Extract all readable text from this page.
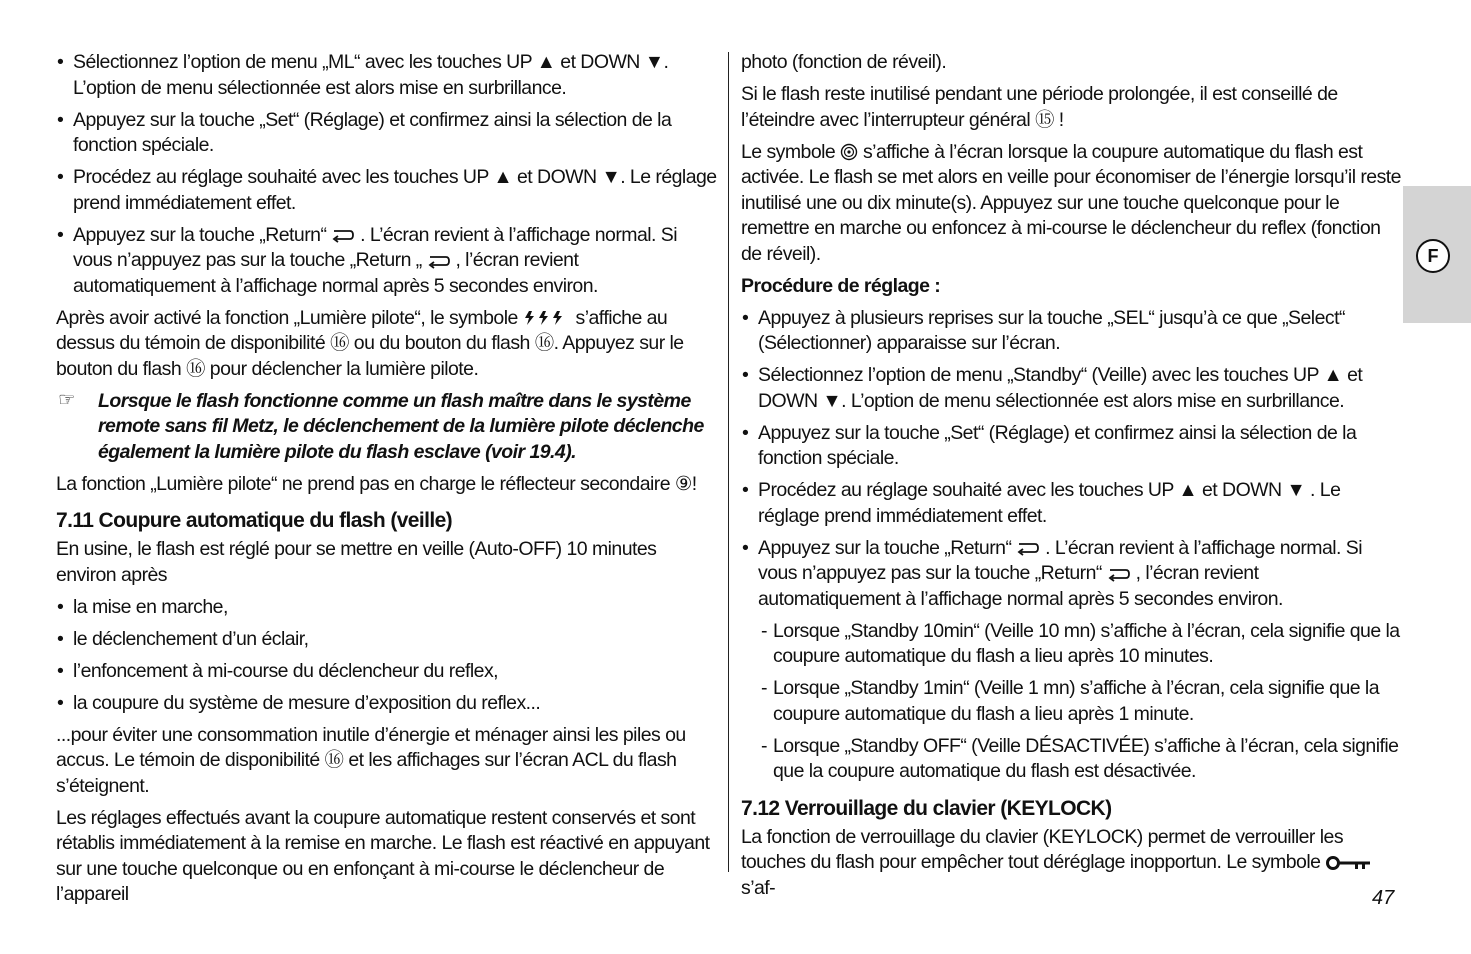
• Sélectionnez l’option de menu „ML“ avec les touches UP ▲ et DOWN ▼. L’option de menu sélectionnée est alors mise en surbrillance.

• Appuyez sur la touche „Set“ (Réglage) et confirmez ainsi la sélection de la fonction spéciale.

• Procédez au réglage souhaité avec les touches UP ▲ et DOWN ▼. Le réglage prend immédiatement effet.

• Appuyez sur la touche „Return“ . L’écran revient à l’affichage normal. Si vous n’appuyez pas sur la touche „Return „ , l’écran revient automatiquement à l’affichage normal après 5 secondes environ.

Après avoir activé la fonction „Lumière pilote“, le symbole	s’affiche au dessus du témoin de disponibilité ⑯ ou du bouton du flash ⑯. Appuyez sur le bouton du flash ⑯ pour déclencher la lumière pilote.

☞ Lorsque le flash fonctionne comme un flash maître dans le système remote sans fil Metz, le déclenchement de la lumière pilote déclenche également la lumière pilote du flash esclave (voir 19.4).

La fonction „Lumière pilote“ ne prend pas en charge le réflecteur secondaire ⑨!

7.11 Coupure automatique du flash (veille)

En usine, le flash est réglé pour se mettre en veille (Auto-OFF) 10 minutes environ après

• la mise en marche,

• le déclenchement d’un éclair,

• l’enfoncement à mi-course du déclencheur du reflex,

• la coupure du système de mesure d’exposition du reflex...

...pour éviter une consommation inutile d’énergie et ménager ainsi les piles ou accus. Le témoin de disponibilité ⑯ et les affichages sur l’écran ACL du flash s’éteignent.

Les réglages effectués avant la coupure automatique restent conservés et sont rétablis immédiatement à la remise en marche. Le flash est réactivé en appuyant sur une touche quelconque ou en enfonçant à mi-course le déclencheur de l’appareil

photo (fonction de réveil).

Si le flash reste inutilisé pendant une période prolongée, il est conseillé de l’éteindre avec l’interrupteur général ⑮ !

Le symbole s’affiche à l’écran lorsque la coupure automatique du flash est activée. Le flash se met alors en veille pour économiser de l’énergie lorsqu’il reste inutilisé une ou dix minute(s). Appuyez sur une touche quelconque pour le remettre en marche ou enfoncez à mi-course le déclencheur du reflex (fonction de réveil).

Procédure de réglage :

• Appuyez à plusieurs reprises sur la touche „SEL“ jusqu’à ce que „Select“ (Sélectionner) apparaisse sur l’écran.

• Sélectionnez l’option de menu „Standby“ (Veille) avec les touches UP ▲ et DOWN ▼. L’option de menu sélectionnée est alors mise en surbrillance.

• Appuyez sur la touche „Set“ (Réglage) et confirmez ainsi la sélection de la fonction spéciale.

• Procédez au réglage souhaité avec les touches UP ▲ et DOWN ▼ . Le réglage prend immédiatement effet.

• Appuyez sur la touche „Return“ . L’écran revient à l’affichage normal. Si vous n’appuyez pas sur la touche „Return“ , l’écran revient automatiquement à l’affichage normal après 5 secondes environ.

- Lorsque „Standby 10min“ (Veille 10 mn) s’affiche à l’écran, cela signifie que la coupure automatique du flash a lieu après 10 minutes.

- Lorsque „Standby 1min“ (Veille 1 mn) s’affiche à l’écran, cela signifie que la coupure automatique du flash a lieu après 1 minute.

- Lorsque „Standby OFF“ (Veille DÉSACTIVÉE) s’affiche à l’écran, cela signifie que la coupure automatique du flash est désactivée.

7.12 Verrouillage du clavier (KEYLOCK)

La fonction de verrouillage du clavier (KEYLOCK) permet de verrouiller les touches du flash pour empêcher tout déréglage inopportun. Le symbole  s’af-

F
47
